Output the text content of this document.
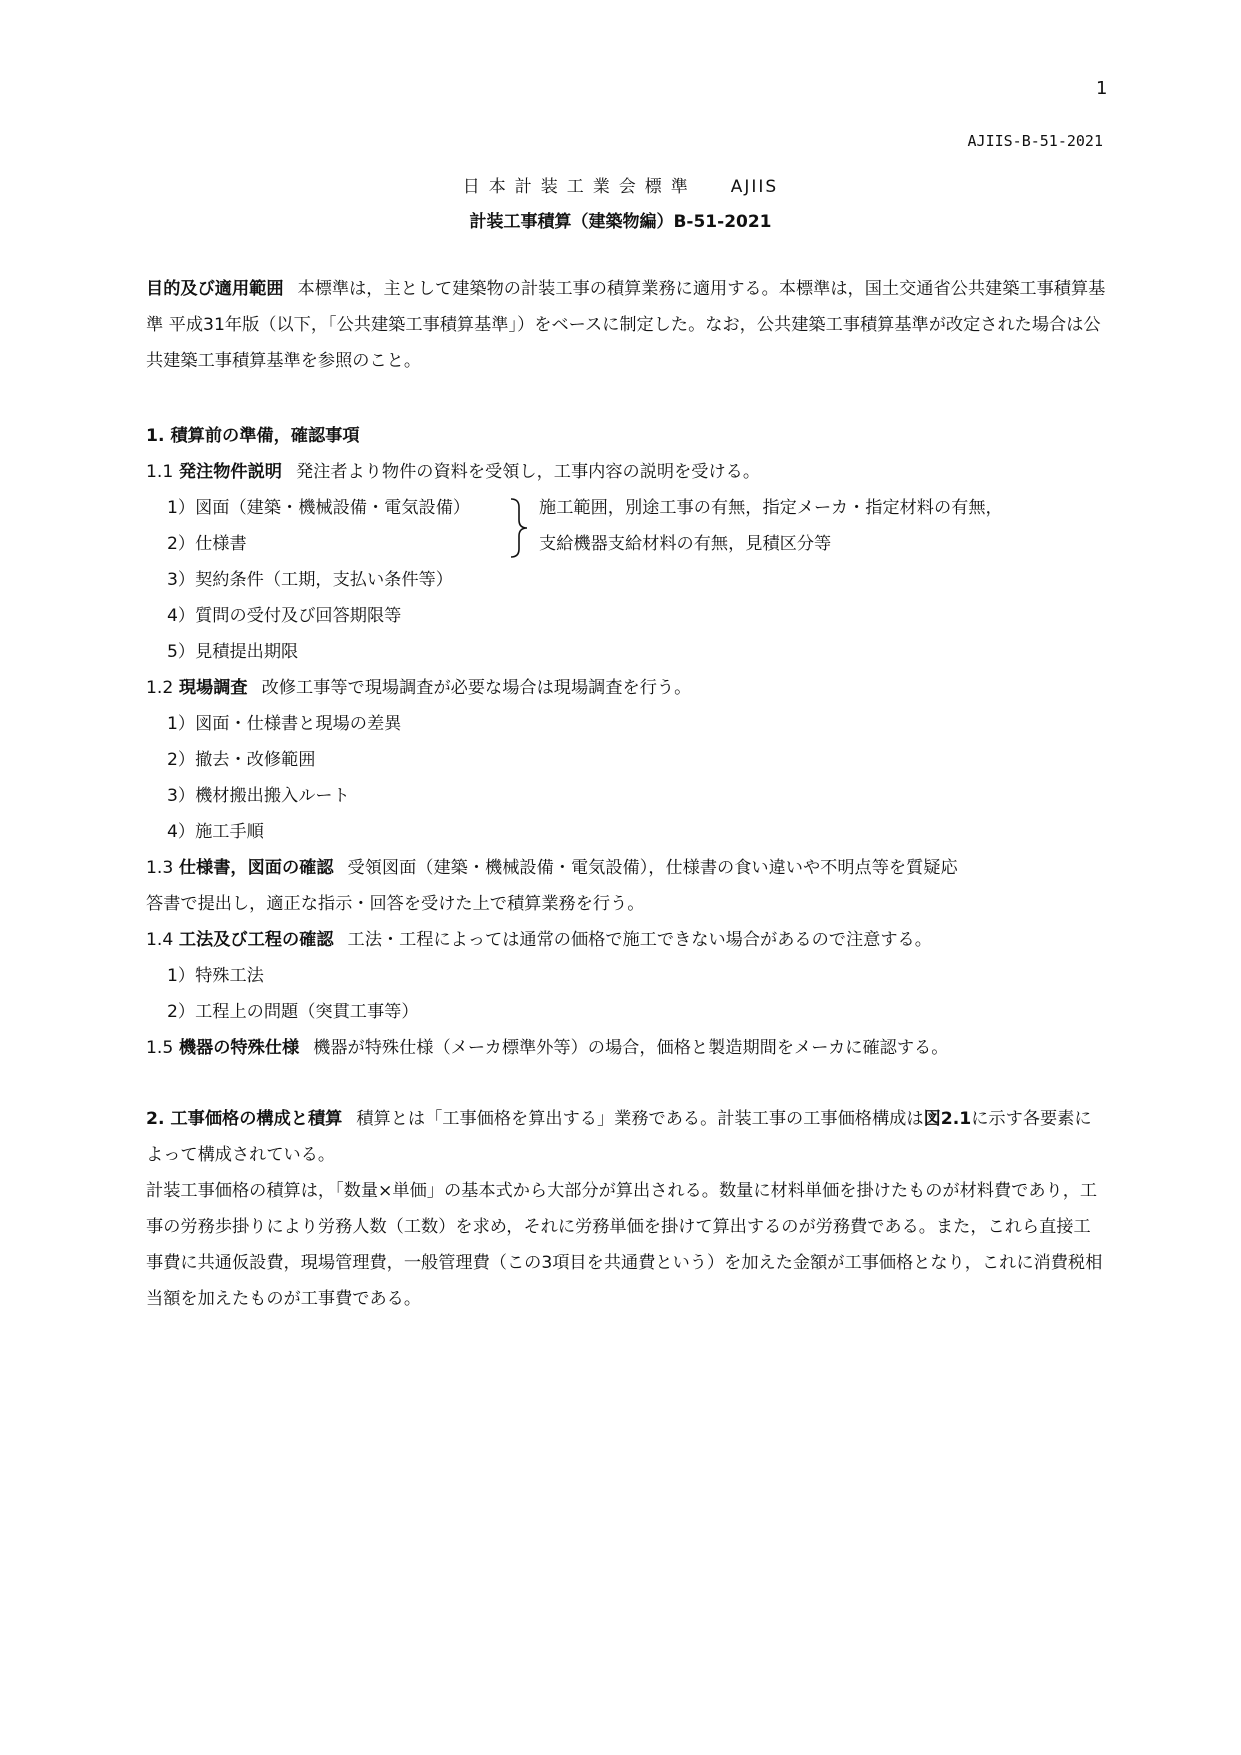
1
AJIIS-B-51-2021
日本計装工業会標準 AJIIS
計装工事積算（建築物編）B-51-2021
目的及び適用範囲 本標準は，主として建築物の計装工事の積算業務に適用する。本標準は，国土交通省公共建築工事積算基準 平成31年版（以下，「公共建築工事積算基準」）をベースに制定した。なお，公共建築工事積算基準が改定された場合は公共建築工事積算基準を参照のこと。
1. 積算前の準備，確認事項
1.1 発注物件説明 発注者より物件の資料を受領し，工事内容の説明を受ける。
1）図面（建築・機械設備・電気設備）
2）仕様書
施工範囲，別途工事の有無，指定メーカ・指定材料の有無，
支給機器支給材料の有無，見積区分等
3）契約条件（工期，支払い条件等）
4）質問の受付及び回答期限等
5）見積提出期限
1.2 現場調査 改修工事等で現場調査が必要な場合は現場調査を行う。
1）図面・仕様書と現場の差異
2）撤去・改修範囲
3）機材搬出搬入ルート
4）施工手順
1.3 仕様書，図面の確認 受領図面（建築・機械設備・電気設備），仕様書の食い違いや不明点等を質疑応
答書で提出し，適正な指示・回答を受けた上で積算業務を行う。
1.4 工法及び工程の確認 工法・工程によっては通常の価格で施工できない場合があるので注意する。
1）特殊工法
2）工程上の問題（突貫工事等）
1.5 機器の特殊仕様 機器が特殊仕様（メーカ標準外等）の場合，価格と製造期間をメーカに確認する。
2. 工事価格の構成と積算 積算とは「工事価格を算出する」業務である。計装工事の工事価格構成は図2.1に示す各要素によって構成されている。
計装工事価格の積算は，「数量×単価」の基本式から大部分が算出される。数量に材料単価を掛けたものが材料費であり，工事の労務歩掛りにより労務人数（工数）を求め，それに労務単価を掛けて算出するのが労務費である。また，これら直接工事費に共通仮設費，現場管理費，一般管理費（この3項目を共通費という）を加えた金額が工事価格となり，これに消費税相当額を加えたものが工事費である。
